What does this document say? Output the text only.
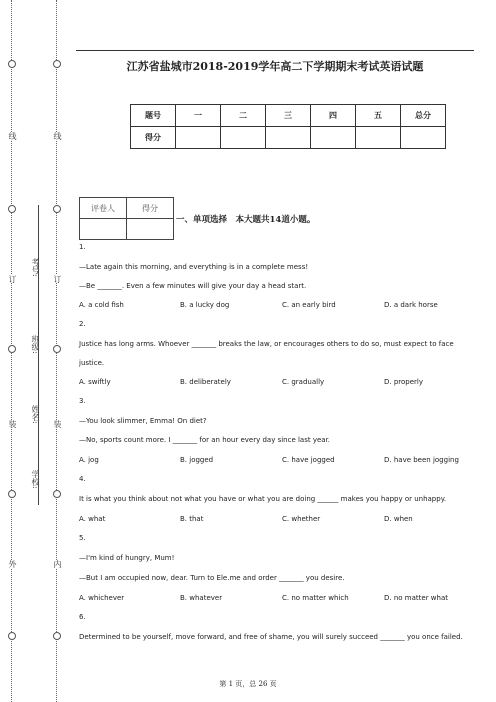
外
装
订
线
内
装
订
线
学校:
姓名:
班级:
考号:
江苏省盐城市2018-2019学年高二下学期期末考试英语试题
题号	一	二	三	四	五	总分
得分						
评卷人	得分

一、单项选择　本大题共14道小题。
1.
—Late again this morning, and everything is in a complete mess!
—Be _______. Even a few minutes will give your day a head start.
A. a cold fish	B. a lucky dog	C. an early bird	D. a dark horse
2.
Justice has long arms. Whoever _______ breaks the law, or encourages others to do so, must expect to face
justice.
A. swiftly	B. deliberately	C. gradually	D. properly
3.
—You look slimmer, Emma! On diet?
—No, sports count more. I _______ for an hour every day since last year.
A. jog	B. jogged	C. have jogged	D. have been jogging
4.
It is what you think about not what you have or what you are doing ______ makes you happy or unhappy.
A. what	B. that	C. whether	D. when
5.
—I'm kind of hungry, Mum!
—But I am occupied now, dear. Turn to Ele.me and order _______ you desire.
A. whichever	B. whatever	C. no matter which	D. no matter what
6.
Determined to be yourself, move forward, and free of shame, you will surely succeed _______ you once failed.
第 1 页，总 26 页
